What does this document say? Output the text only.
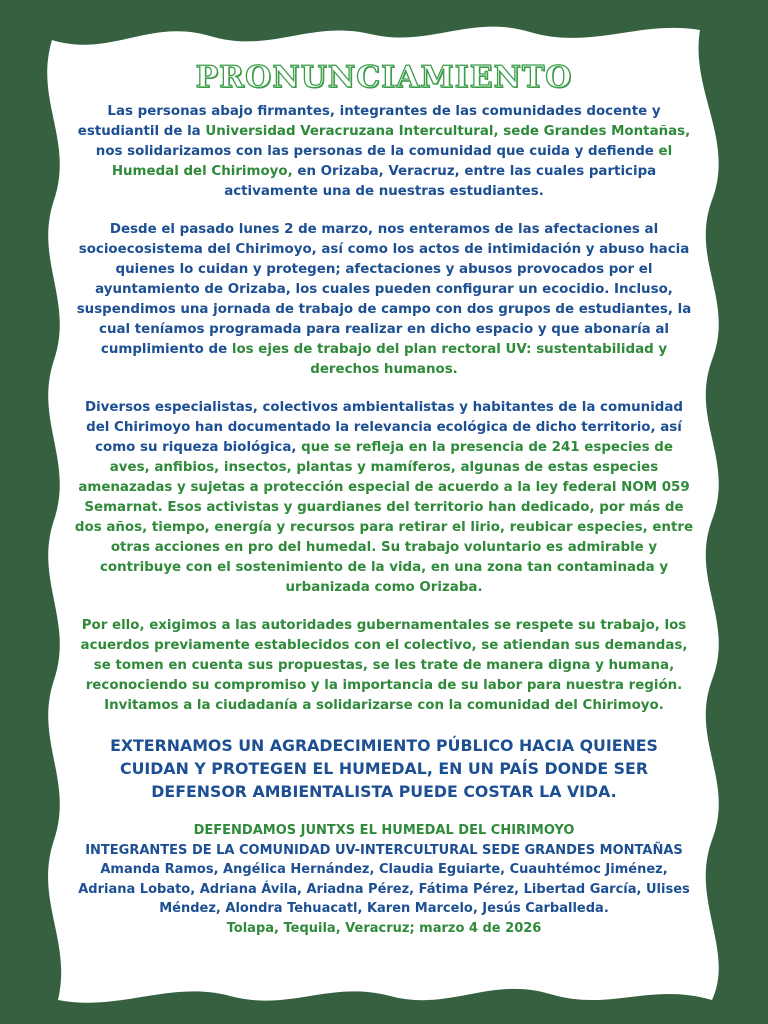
PRONUNCIAMIENTO

Las personas abajo firmantes, integrantes de las comunidades docente y estudiantil de la Universidad Veracruzana Intercultural, sede Grandes Montañas, nos solidarizamos con las personas de la comunidad que cuida y defiende el Humedal del Chirimoyo, en Orizaba, Veracruz, entre las cuales participa activamente una de nuestras estudiantes.

Desde el pasado lunes 2 de marzo, nos enteramos de las afectaciones al socioecosistema del Chirimoyo, así como los actos de intimidación y abuso hacia quienes lo cuidan y protegen; afectaciones y abusos provocados por el ayuntamiento de Orizaba, los cuales pueden configurar un ecocidio. Incluso, suspendimos una jornada de trabajo de campo con dos grupos de estudiantes, la cual teníamos programada para realizar en dicho espacio y que abonaría al cumplimiento de los ejes de trabajo del plan rectoral UV: sustentabilidad y derechos humanos.

Diversos especialistas, colectivos ambientalistas y habitantes de la comunidad del Chirimoyo han documentado la relevancia ecológica de dicho territorio, así como su riqueza biológica, que se refleja en la presencia de 241 especies de aves, anfibios, insectos, plantas y mamíferos, algunas de estas especies amenazadas y sujetas a protección especial de acuerdo a la ley federal NOM 059 Semarnat. Esos activistas y guardianes del territorio han dedicado, por más de dos años, tiempo, energía y recursos para retirar el lirio, reubicar especies, entre otras acciones en pro del humedal. Su trabajo voluntario es admirable y contribuye con el sostenimiento de la vida, en una zona tan contaminada y urbanizada como Orizaba.

Por ello, exigimos a las autoridades gubernamentales se respete su trabajo, los acuerdos previamente establecidos con el colectivo, se atiendan sus demandas, se tomen en cuenta sus propuestas, se les trate de manera digna y humana, reconociendo su compromiso y la importancia de su labor para nuestra región. Invitamos a la ciudadanía a solidarizarse con la comunidad del Chirimoyo.

EXTERNAMOS UN AGRADECIMIENTO PÚBLICO HACIA QUIENES CUIDAN Y PROTEGEN EL HUMEDAL, EN UN PAÍS DONDE SER DEFENSOR AMBIENTALISTA PUEDE COSTAR LA VIDA.

DEFENDAMOS JUNTXS EL HUMEDAL DEL CHIRIMOYO

INTEGRANTES DE LA COMUNIDAD UV-INTERCULTURAL SEDE GRANDES MONTAÑAS

Amanda Ramos, Angélica Hernández, Claudia Eguiarte, Cuauhtémoc Jiménez, Adriana Lobato, Adriana Ávila, Ariadna Pérez, Fátima Pérez, Libertad García, Ulises Méndez, Alondra Tehuacatl, Karen Marcelo, Jesús Carballeda.

Tolapa, Tequila, Veracruz; marzo 4 de 2026
